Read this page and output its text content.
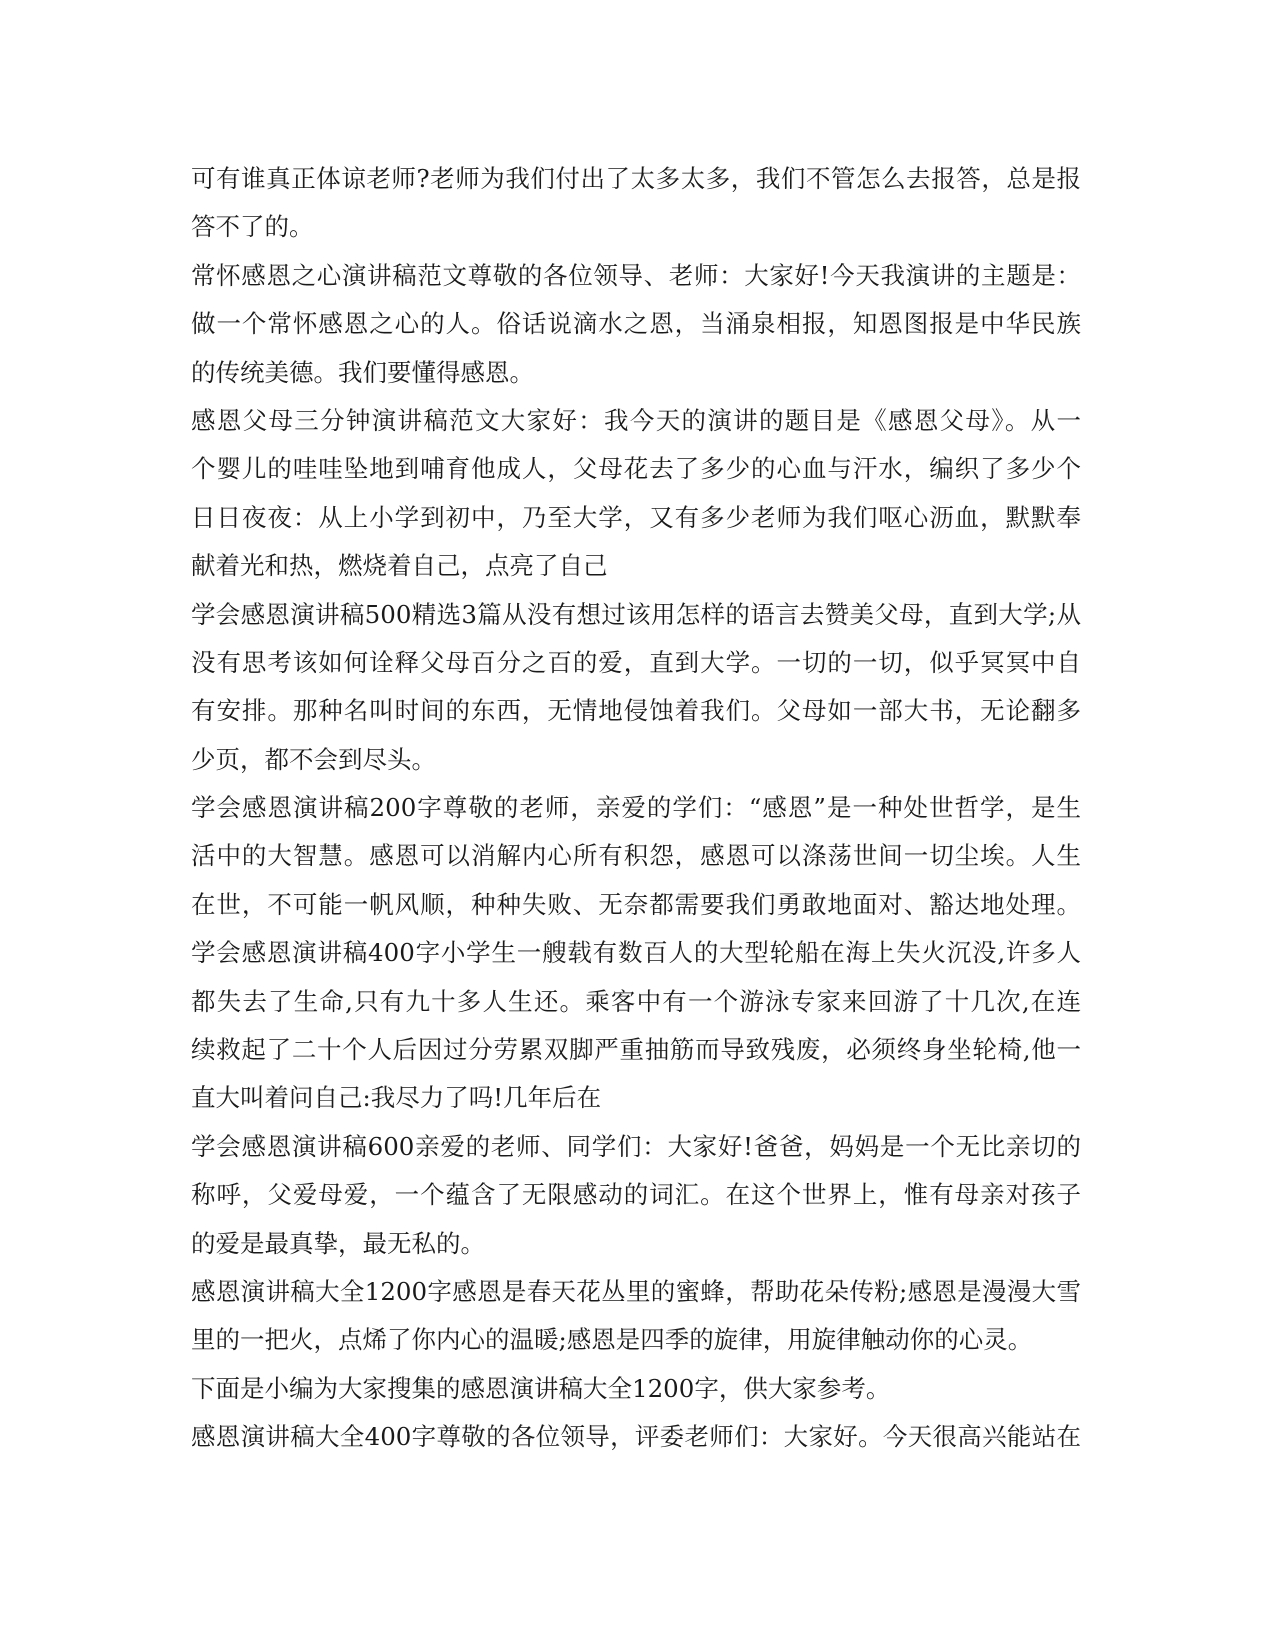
可有谁真正体谅老师?老师为我们付出了太多太多，我们不管怎么去报答，总是报
答不了的。
常怀感恩之心演讲稿范文尊敬的各位领导、老师：大家好!今天我演讲的主题是：
做一个常怀感恩之心的人。俗话说滴水之恩，当涌泉相报，知恩图报是中华民族
的传统美德。我们要懂得感恩。
感恩父母三分钟演讲稿范文大家好：我今天的演讲的题目是《感恩父母》。从一
个婴儿的哇哇坠地到哺育他成人，父母花去了多少的心血与汗水，编织了多少个
日日夜夜：从上小学到初中，乃至大学，又有多少老师为我们呕心沥血，默默奉
献着光和热，燃烧着自己，点亮了自己
学会感恩演讲稿500精选3篇从没有想过该用怎样的语言去赞美父母，直到大学;从
没有思考该如何诠释父母百分之百的爱，直到大学。一切的一切，似乎冥冥中自
有安排。那种名叫时间的东西，无情地侵蚀着我们。父母如一部大书，无论翻多
少页，都不会到尽头。
学会感恩演讲稿200字尊敬的老师，亲爱的学们：“感恩”是一种处世哲学，是生
活中的大智慧。感恩可以消解内心所有积怨，感恩可以涤荡世间一切尘埃。人生
在世，不可能一帆风顺，种种失败、无奈都需要我们勇敢地面对、豁达地处理。
学会感恩演讲稿400字小学生一艘载有数百人的大型轮船在海上失火沉没,许多人
都失去了生命,只有九十多人生还。乘客中有一个游泳专家来回游了十几次,在连
续救起了二十个人后因过分劳累双脚严重抽筋而导致残废，必须终身坐轮椅,他一
直大叫着问自己:我尽力了吗!几年后在
学会感恩演讲稿600亲爱的老师、同学们：大家好!爸爸，妈妈是一个无比亲切的
称呼，父爱母爱，一个蕴含了无限感动的词汇。在这个世界上，惟有母亲对孩子
的爱是最真挚，最无私的。
感恩演讲稿大全1200字感恩是春天花丛里的蜜蜂，帮助花朵传粉;感恩是漫漫大雪
里的一把火，点烯了你内心的温暖;感恩是四季的旋律，用旋律触动你的心灵。
下面是小编为大家搜集的感恩演讲稿大全1200字，供大家参考。
感恩演讲稿大全400字尊敬的各位领导，评委老师们：大家好。今天很高兴能站在
